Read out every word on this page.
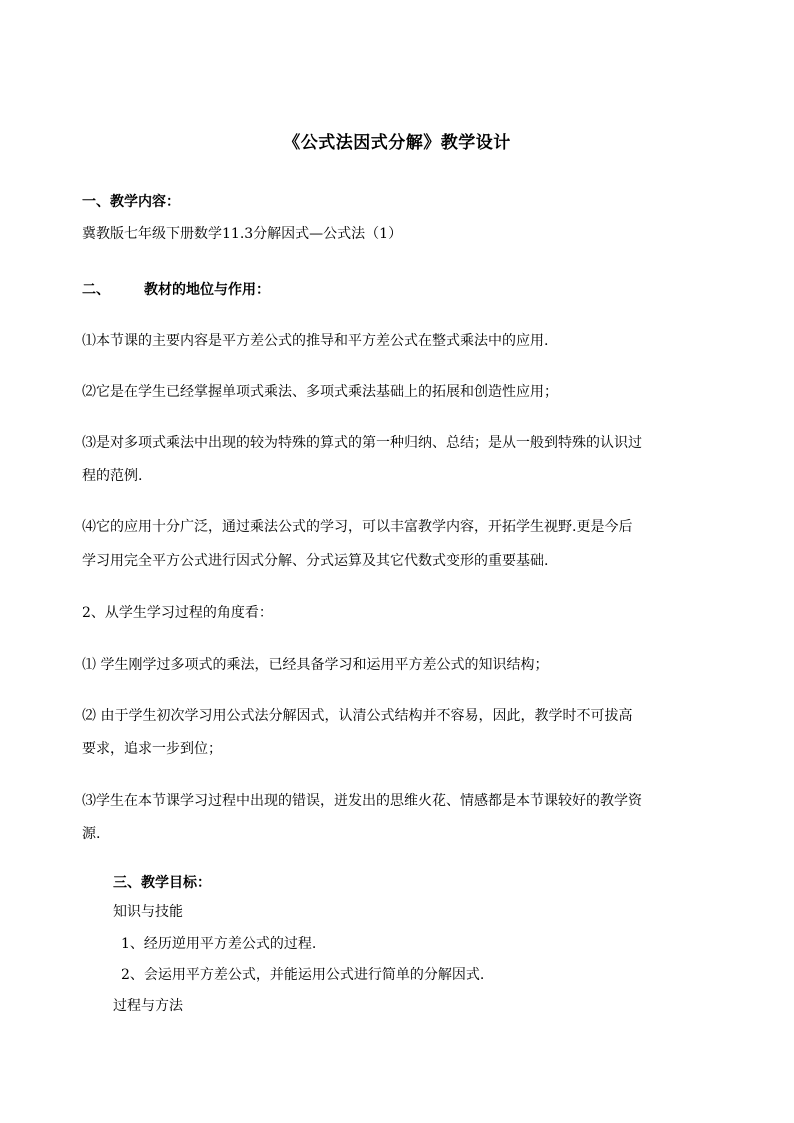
《公式法因式分解》教学设计
一、教学内容：
冀教版七年级下册数学11.3分解因式—公式法（1）
二、 教材的地位与作用：
⑴本节课的主要内容是平方差公式的推导和平方差公式在整式乘法中的应用.
⑵它是在学生已经掌握单项式乘法、多项式乘法基础上的拓展和创造性应用；
⑶是对多项式乘法中出现的较为特殊的算式的第一种归纳、总结；是从一般到特殊的认识过
程的范例.
⑷它的应用十分广泛，通过乘法公式的学习，可以丰富教学内容，开拓学生视野.更是今后
学习用完全平方公式进行因式分解、分式运算及其它代数式变形的重要基础.
2、从学生学习过程的角度看：
⑴ 学生刚学过多项式的乘法，已经具备学习和运用平方差公式的知识结构；
⑵ 由于学生初次学习用公式法分解因式，认清公式结构并不容易，因此，教学时不可拔高
要求，追求一步到位；
⑶学生在本节课学习过程中出现的错误，迸发出的思维火花、情感都是本节课较好的教学资
源.
三、教学目标：
知识与技能
1、经历逆用平方差公式的过程.
2、会运用平方差公式，并能运用公式进行简单的分解因式.
过程与方法
